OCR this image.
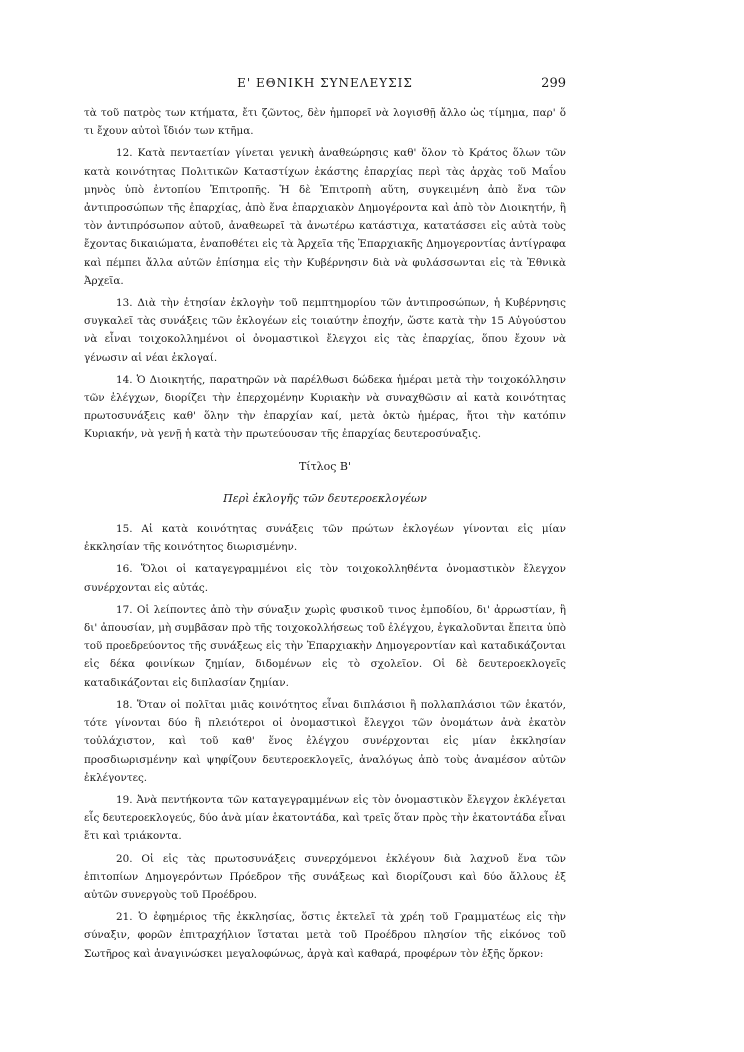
Ε' ΕΘΝΙΚΗ ΣΥΝΕΛΕΥΣΙΣ	299

τὰ τοῦ πατρὸς των κτήματα, ἔτι ζῶντος, δὲν ἠμπορεῖ νὰ λογισθῇ ἄλλο ὡς τίμημα, παρ' ὅ τι ἔχουν αὐτοὶ ἴδιόν των κτῆμα.

12. Κατὰ πενταετίαν γίνεται γενικὴ ἀναθεώρησις καθ' ὅλον τὸ Κράτος ὅλων τῶν κατὰ κοινότητας Πολιτικῶν Καταστίχων ἑκάστης ἐπαρχίας περὶ τὰς ἀρχὰς τοῦ Μαΐου μηνὸς ὑπὸ ἐντοπίου Ἐπιτροπῆς. Ἡ δὲ Ἐπιτροπὴ αὕτη, συγκειμένη ἀπὸ ἕνα τῶν ἀντιπροσώπων τῆς ἐπαρχίας, ἀπὸ ἕνα ἐπαρχιακὸν Δημογέροντα καὶ ἀπὸ τὸν Διοικητήν, ἢ τὸν ἀντιπρόσωπον αὐτοῦ, ἀναθεωρεῖ τὰ ἀνωτέρω κατάστιχα, κατατάσσει εἰς αὐτὰ τοὺς ἔχοντας δικαιώματα, ἐναποθέτει εἰς τὰ Ἀρχεῖα τῆς Ἐπαρχιακῆς Δημογεροντίας ἀντίγραφα καὶ πέμπει ἄλλα αὐτῶν ἐπίσημα εἰς τὴν Κυβέρνησιν διὰ νὰ φυλάσσωνται εἰς τὰ Ἐθνικὰ Ἀρχεῖα.

13. Διὰ τὴν ἐτησίαν ἐκλογὴν τοῦ πεμπτημορίου τῶν ἀντιπροσώπων, ἡ Κυβέρνησις συγκαλεῖ τὰς συνάξεις τῶν ἐκλογέων εἰς τοιαύτην ἐποχήν, ὥστε κατὰ τὴν 15 Αὐγούστου νὰ εἶναι τοιχοκολλημένοι οἱ ὀνομαστικοὶ ἔλεγχοι εἰς τὰς ἐπαρχίας, ὅπου ἔχουν νὰ γένωσιν αἱ νέαι ἐκλογαί.

14. Ὁ Διοικητής, παρατηρῶν νὰ παρέλθωσι δώδεκα ἡμέραι μετὰ τὴν τοιχοκόλλησιν τῶν ἐλέγχων, διορίζει τὴν ἐπερχομένην Κυριακὴν νὰ συναχθῶσιν αἱ κατὰ κοινότητας πρωτοσυνάξεις καθ' ὅλην τὴν ἐπαρχίαν καί, μετὰ ὀκτὼ ἡμέρας, ἤτοι τὴν κατόπιν Κυριακήν, νὰ γενῇ ἡ κατὰ τὴν πρωτεύουσαν τῆς ἐπαρχίας δευτεροσύναξις.

Τίτλος Β'
Περὶ ἐκλογῆς τῶν δευτεροεκλογέων

15. Αἱ κατὰ κοινότητας συνάξεις τῶν πρώτων ἐκλογέων γίνονται εἰς μίαν ἐκκλησίαν τῆς κοινότητος διωρισμένην.

16. Ὅλοι οἱ καταγεγραμμένοι εἰς τὸν τοιχοκολληθέντα ὀνομαστικὸν ἔλεγχον συνέρχονται εἰς αὐτάς.

17. Οἱ λείποντες ἀπὸ τὴν σύναξιν χωρὶς φυσικοῦ τινος ἐμποδίου, δι' ἀρρωστίαν, ἢ δι' ἀπουσίαν, μὴ συμβᾶσαν πρὸ τῆς τοιχοκολλήσεως τοῦ ἐλέγχου, ἐγκαλοῦνται ἔπειτα ὑπὸ τοῦ προεδρεύοντος τῆς συνάξεως εἰς τὴν Ἐπαρχιακὴν Δημογεροντίαν καὶ καταδικάζονται εἰς δέκα φοινίκων ζημίαν, διδομένων εἰς τὸ σχολεῖον. Οἱ δὲ δευτεροεκλογεῖς καταδικάζονται εἰς διπλασίαν ζημίαν.

18. Ὅταν οἱ πολῖται μιᾶς κοινότητος εἶναι διπλάσιοι ἢ πολλαπλάσιοι τῶν ἑκατόν, τότε γίνονται δύο ἢ πλειότεροι οἱ ὀνομαστικοὶ ἔλεγχοι τῶν ὀνομάτων ἀνὰ ἑκατὸν τοὐλάχιστον, καὶ τοῦ καθ' ἕνος ἐλέγχου συνέρχονται εἰς μίαν ἐκκλησίαν προσδιωρισμένην καὶ ψηφίζουν δευτεροεκλογεῖς, ἀναλόγως ἀπὸ τοὺς ἀναμέσον αὐτῶν ἐκλέγοντες.

19. Ἀνὰ πεντήκοντα τῶν καταγεγραμμένων εἰς τὸν ὀνομαστικὸν ἔλεγχον ἐκλέγεται εἷς δευτεροεκλογεύς, δύο ἀνὰ μίαν ἑκατοντάδα, καὶ τρεῖς ὅταν πρὸς τὴν ἑκατοντάδα εἶναι ἔτι καὶ τριάκοντα.

20. Οἱ εἰς τὰς πρωτοσυνάξεις συνερχόμενοι ἐκλέγουν διὰ λαχνοῦ ἕνα τῶν ἐπιτοπίων Δημογερόντων Πρόεδρον τῆς συνάξεως καὶ διορίζουσι καὶ δύο ἄλλους ἐξ αὐτῶν συνεργοὺς τοῦ Προέδρου.

21. Ὁ ἐφημέριος τῆς ἐκκλησίας, ὅστις ἐκτελεῖ τὰ χρέη τοῦ Γραμματέως εἰς τὴν σύναξιν, φορῶν ἐπιτραχήλιον ἵσταται μετὰ τοῦ Προέδρου πλησίον τῆς εἰκόνος τοῦ Σωτῆρος καὶ ἀναγινώσκει μεγαλοφώνως, ἀργὰ καὶ καθαρά, προφέρων τὸν ἑξῆς ὅρκον:
